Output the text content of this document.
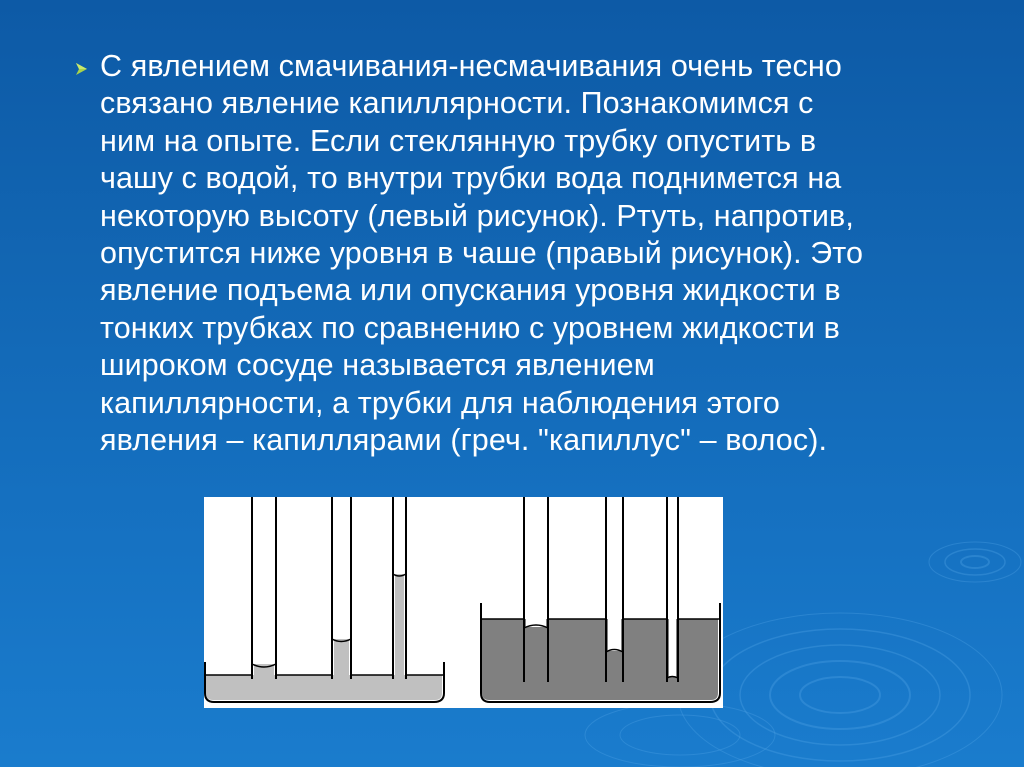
С явлением смачивания-несмачивания очень тесно
связано явление капиллярности. Познакомимся с
ним на опыте. Если стеклянную трубку опустить в
чашу с водой, то внутри трубки вода поднимется на
некоторую высоту (левый рисунок). Ртуть, напротив,
опустится ниже уровня в чаше (правый рисунок). Это
явление подъема или опускания уровня жидкости в
тонких трубках по сравнению с уровнем жидкости в
широком сосуде называется явлением
капиллярности, а трубки для наблюдения этого
явления – капиллярами (греч. "капиллус" – волос).
